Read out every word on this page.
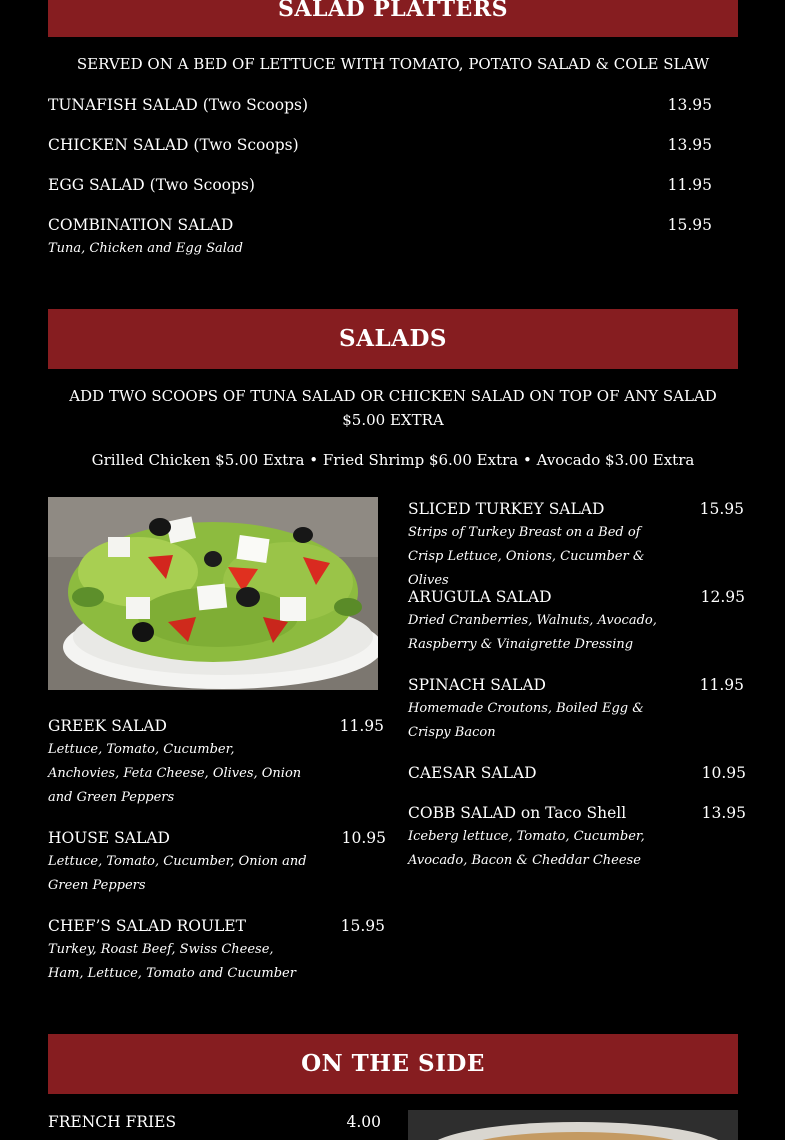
SALAD PLATTERS
SERVED ON A BED OF LETTUCE WITH TOMATO, POTATO SALAD & COLE SLAW
TUNAFISH SALAD (Two Scoops)	13.95
CHICKEN SALAD (Two Scoops)	13.95
EGG SALAD (Two Scoops)	11.95
COMBINATION SALAD	15.95
Tuna, Chicken and Egg Salad
SALADS
ADD TWO SCOOPS OF TUNA SALAD OR CHICKEN SALAD ON TOP OF ANY SALAD $5.00 EXTRA
Grilled Chicken $5.00 Extra • Fried Shrimp $6.00 Extra • Avocado $3.00 Extra
GREEK SALAD	11.95
Lettuce, Tomato, Cucumber, Anchovies, Feta Cheese, Olives, Onion and Green Peppers
HOUSE SALAD	10.95
Lettuce, Tomato, Cucumber, Onion and Green Peppers
CHEF’S SALAD ROULET	15.95
Turkey, Roast Beef, Swiss Cheese, Ham, Lettuce, Tomato and Cucumber
SLICED TURKEY SALAD	15.95
Strips of Turkey Breast on a Bed of Crisp Lettuce, Onions, Cucumber & Olives
ARUGULA SALAD	12.95
Dried Cranberries, Walnuts, Avocado, Raspberry & Vinaigrette Dressing
SPINACH SALAD	11.95
Homemade Croutons, Boiled Egg & Crispy Bacon
CAESAR SALAD	10.95
COBB SALAD on Taco Shell	13.95
Iceberg lettuce, Tomato, Cucumber, Avocado, Bacon & Cheddar Cheese
ON THE SIDE
FRENCH FRIES	4.00
